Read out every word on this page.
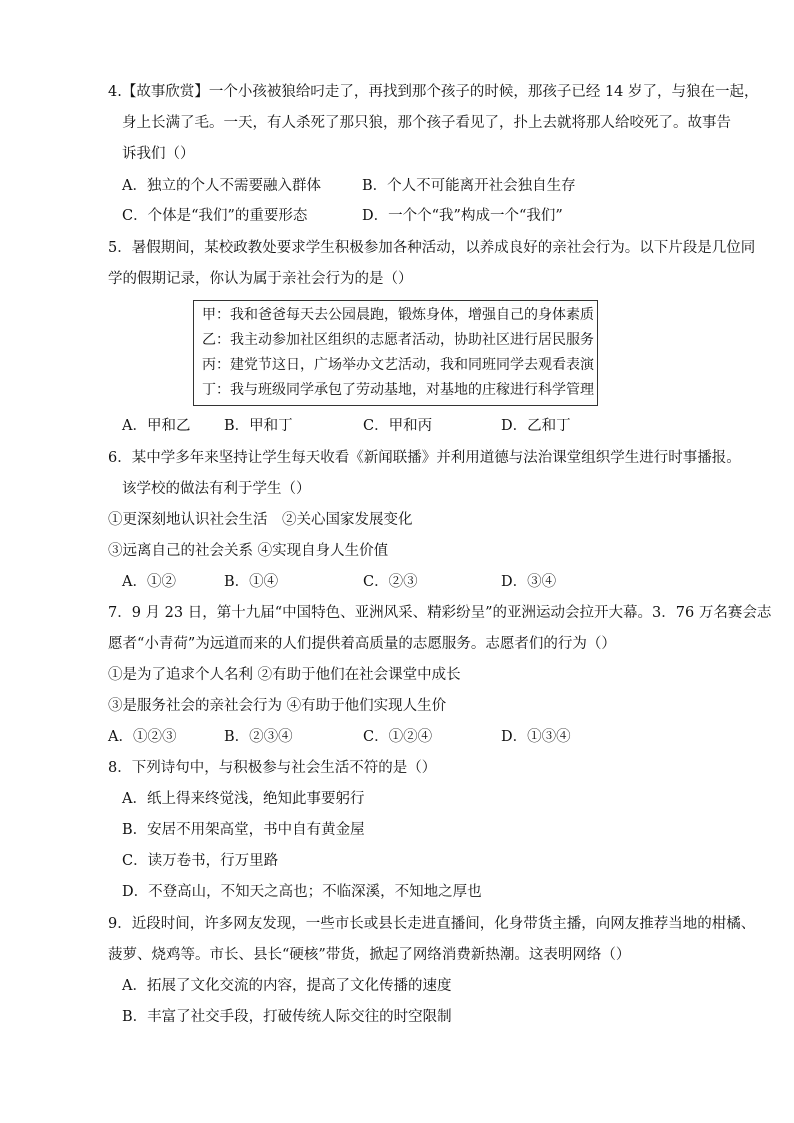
4.【故事欣赏】一个小孩被狼给叼走了，再找到那个孩子的时候，那孩子已经 14 岁了，与狼在一起，
身上长满了毛。一天，有人杀死了那只狼，那个孩子看见了，扑上去就将那人给咬死了。故事告
诉我们（）
A．独立的个人不需要融入群体	B．个人不可能离开社会独自生存
C．个体是“我们”的重要形态	D．一个个“我”构成一个“我们”
5．暑假期间，某校政教处要求学生积极参加各种活动，以养成良好的亲社会行为。以下片段是几位同
学的假期记录，你认为属于亲社会行为的是（）
甲：我和爸爸每天去公园晨跑，锻炼身体，增强自己的身体素质
乙：我主动参加社区组织的志愿者活动，协助社区进行居民服务
丙：建党节这日，广场举办文艺活动，我和同班同学去观看表演
丁：我与班级同学承包了劳动基地，对基地的庄稼进行科学管理
A．甲和乙 B．甲和丁	C．甲和丙	D．乙和丁
6．某中学多年来坚持让学生每天收看《新闻联播》并利用道德与法治课堂组织学生进行时事播报。
该学校的做法有利于学生（）
①更深刻地认识社会生活　②关心国家发展变化
③远离自己的社会关系 ④实现自身人生价值
A．①②	B．①④	C．②③	D．③④
7．9 月 23 日，第十九届“中国特色、亚洲风采、精彩纷呈”的亚洲运动会拉开大幕。3．76 万名赛会志
愿者“小青荷”为远道而来的人们提供着高质量的志愿服务。志愿者们的行为（）
①是为了追求个人名利 ②有助于他们在社会课堂中成长
③是服务社会的亲社会行为 ④有助于他们实现人生价
A．①②③	B．②③④	C．①②④	D．①③④
8．下列诗句中，与积极参与社会生活不符的是（）
A．纸上得来终觉浅，绝知此事要躬行
B．安居不用架高堂，书中自有黄金屋
C．读万卷书，行万里路
D．不登高山，不知天之高也；不临深溪，不知地之厚也
9．近段时间，许多网友发现，一些市长或县长走进直播间，化身带货主播，向网友推荐当地的柑橘、
菠萝、烧鸡等。市长、县长“硬核”带货，掀起了网络消费新热潮。这表明网络（）
A．拓展了文化交流的内容，提高了文化传播的速度
B．丰富了社交手段，打破传统人际交往的时空限制
